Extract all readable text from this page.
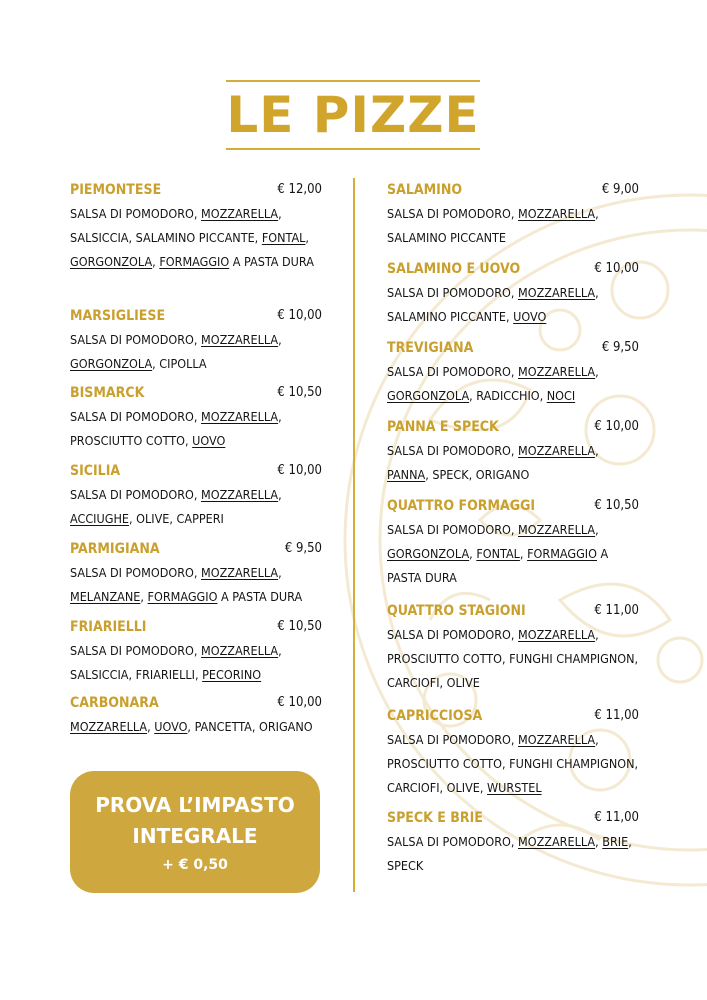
LE PIZZE
PIEMONTESE	€ 12,00
SALSA DI POMODORO, MOZZARELLA, SALSICCIA, SALAMINO PICCANTE, FONTAL, GORGONZOLA, FORMAGGIO A PASTA DURA
MARSIGLIESE	€ 10,00
SALSA DI POMODORO, MOZZARELLA, GORGONZOLA, CIPOLLA
BISMARCK	€ 10,50
SALSA DI POMODORO, MOZZARELLA, PROSCIUTTO COTTO, UOVO
SICILIA	€ 10,00
SALSA DI POMODORO, MOZZARELLA, ACCIUGHE, OLIVE, CAPPERI
PARMIGIANA	€ 9,50
SALSA DI POMODORO, MOZZARELLA, MELANZANE, FORMAGGIO A PASTA DURA
FRIARIELLI	€ 10,50
SALSA DI POMODORO, MOZZARELLA, SALSICCIA, FRIARIELLI, PECORINO
CARBONARA	€ 10,00
MOZZARELLA, UOVO, PANCETTA, ORIGANO
SALAMINO	€ 9,00
SALSA DI POMODORO, MOZZARELLA, SALAMINO PICCANTE
SALAMINO E UOVO	€ 10,00
SALSA DI POMODORO, MOZZARELLA, SALAMINO PICCANTE, UOVO
TREVIGIANA	€ 9,50
SALSA DI POMODORO, MOZZARELLA, GORGONZOLA, RADICCHIO, NOCI
PANNA E SPECK	€ 10,00
SALSA DI POMODORO, MOZZARELLA, PANNA, SPECK, ORIGANO
QUATTRO FORMAGGI	€ 10,50
SALSA DI POMODORO, MOZZARELLA, GORGONZOLA, FONTAL, FORMAGGIO A PASTA DURA
QUATTRO STAGIONI	€ 11,00
SALSA DI POMODORO, MOZZARELLA, PROSCIUTTO COTTO, FUNGHI CHAMPIGNON, CARCIOFI, OLIVE
CAPRICCIOSA	€ 11,00
SALSA DI POMODORO, MOZZARELLA, PROSCIUTTO COTTO, FUNGHI CHAMPIGNON, CARCIOFI, OLIVE, WURSTEL
SPECK E BRIE	€ 11,00
SALSA DI POMODORO, MOZZARELLA, BRIE, SPECK
PROVA L’IMPASTO
INTEGRALE
+ € 0,50
